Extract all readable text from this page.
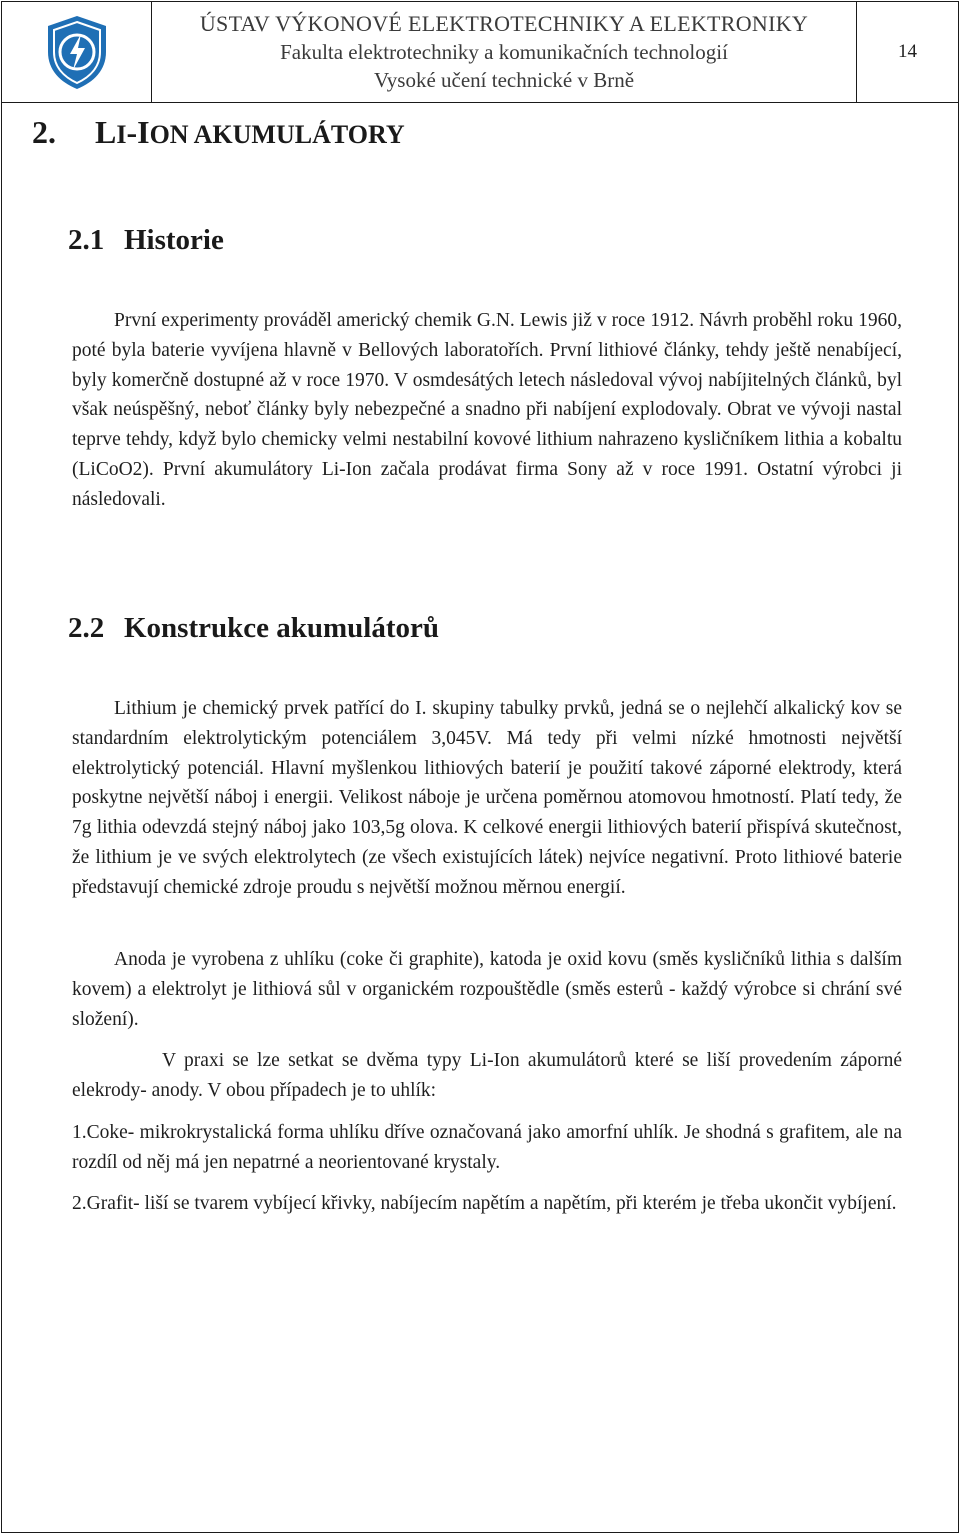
ÚSTAV VÝKONOVÉ ELEKTROTECHNIKY A ELEKTRONIKY
Fakulta elektrotechniky a komunikačních technologií
Vysoké učení technické v Brně
14
2. LI-ION AKUMULÁTORY
2.1 Historie

První experimenty prováděl americký chemik G.N. Lewis již v roce 1912. Návrh proběhl roku 1960, poté byla baterie vyvíjena hlavně v Bellových laboratořích. První lithiové články, tehdy ještě nenabíjecí, byly komerčně dostupné až v roce 1970. V osmdesátých letech následoval vývoj nabíjitelných článků, byl však neúspěšný, neboť články byly nebezpečné a snadno při nabíjení explodovaly. Obrat ve vývoji nastal teprve tehdy, když bylo chemicky velmi nestabilní kovové lithium nahrazeno kysličníkem lithia a kobaltu (LiCoO2). První akumulátory Li-Ion začala prodávat firma Sony až v roce 1991. Ostatní výrobci ji následovali.

2.2 Konstrukce akumulátorů

Lithium je chemický prvek patřící do I. skupiny tabulky prvků, jedná se o nejlehčí alkalický kov se standardním elektrolytickým potenciálem 3,045V. Má tedy při velmi nízké hmotnosti největší elektrolytický potenciál. Hlavní myšlenkou lithiových baterií je použití takové záporné elektrody, která poskytne největší náboj i energii. Velikost náboje je určena poměrnou atomovou hmotností. Platí tedy, že 7g lithia odevzdá stejný náboj jako 103,5g olova. K celkové energii lithiových baterií přispívá skutečnost, že lithium je ve svých elektrolytech (ze všech existujících látek) nejvíce negativní. Proto lithiové baterie představují chemické zdroje proudu s největší možnou měrnou energií.

Anoda je vyrobena z uhlíku (coke či graphite), katoda je oxid kovu (směs kysličníků lithia s dalším kovem) a elektrolyt je lithiová sůl v organickém rozpouštědle (směs esterů - každý výrobce si chrání své složení).

V praxi se lze setkat se dvěma typy Li-Ion akumulátorů které se liší provedením záporné elekrody- anody. V obou případech je to uhlík:

1.Coke- mikrokrystalická forma uhlíku dříve označovaná jako amorfní uhlík. Je shodná s grafitem, ale na rozdíl od něj má jen nepatrné a neorientované krystaly.

2.Grafit- liší se tvarem vybíjecí křivky, nabíjecím napětím a napětím, při kterém je třeba ukončit vybíjení.
